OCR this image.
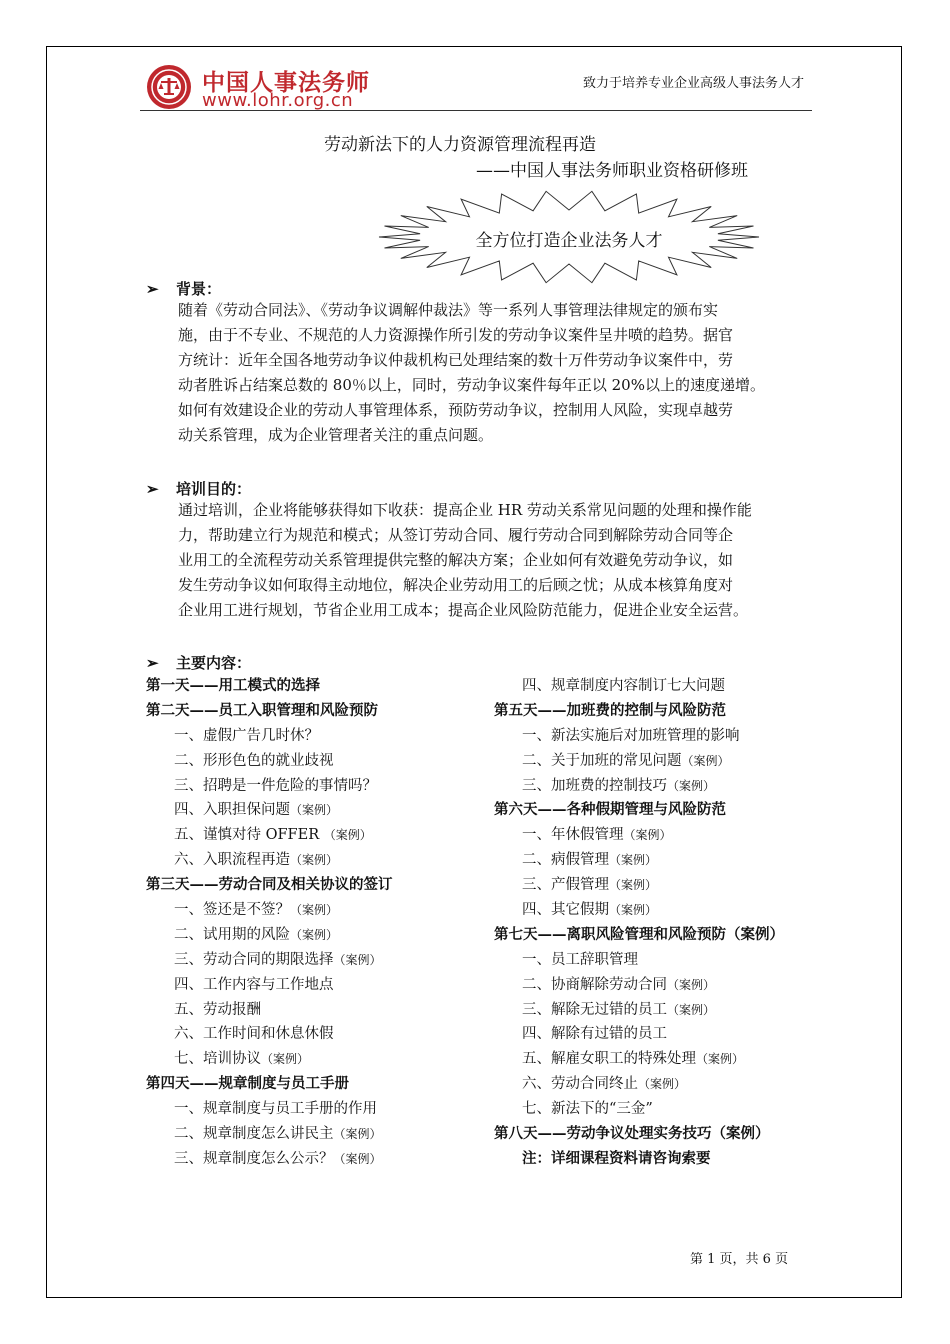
中国人事法务师
www.lohr.org.cn
致力于培养专业企业高级人事法务人才
劳动新法下的人力资源管理流程再造
——中国人事法务师职业资格研修班
全方位打造企业法务人才
➢ 背景：

随着《劳动合同法》、《劳动争议调解仲裁法》等一系列人事管理法律规定的颁布实

施，由于不专业、不规范的人力资源操作所引发的劳动争议案件呈井喷的趋势。据官

方统计：近年全国各地劳动争议仲裁机构已处理结案的数十万件劳动争议案件中，劳

动者胜诉占结案总数的 80％以上，同时，劳动争议案件每年正以 20%以上的速度递增。

如何有效建设企业的劳动人事管理体系，预防劳动争议，控制用人风险，实现卓越劳

动关系管理，成为企业管理者关注的重点问题。

➢ 培训目的：

通过培训，企业将能够获得如下收获：提高企业 HR 劳动关系常见问题的处理和操作能

力，帮助建立行为规范和模式；从签订劳动合同、履行劳动合同到解除劳动合同等企

业用工的全流程劳动关系管理提供完整的解决方案；企业如何有效避免劳动争议，如

发生劳动争议如何取得主动地位，解决企业劳动用工的后顾之忧；从成本核算角度对

企业用工进行规划，节省企业用工成本；提高企业风险防范能力，促进企业安全运营。

➢ 主要内容：
第一天——用工模式的选择
第二天——员工入职管理和风险预防
一、虚假广告几时休？
二、形形色色的就业歧视
三、招聘是一件危险的事情吗？
四、入职担保问题（案例）
五、谨慎对待 OFFER （案例）
六、入职流程再造（案例）
第三天——劳动合同及相关协议的签订
一、签还是不签？（案例）
二、试用期的风险（案例）
三、劳动合同的期限选择（案例）
四、工作内容与工作地点
五、劳动报酬
六、工作时间和休息休假
七、培训协议（案例）
第四天——规章制度与员工手册
一、规章制度与员工手册的作用
二、规章制度怎么讲民主（案例）
三、规章制度怎么公示？（案例）
四、规章制度内容制订七大问题
第五天——加班费的控制与风险防范
一、新法实施后对加班管理的影响
二、关于加班的常见问题（案例）
三、加班费的控制技巧（案例）
第六天——各种假期管理与风险防范
一、年休假管理（案例）
二、病假管理（案例）
三、产假管理（案例）
四、其它假期（案例）
第七天——离职风险管理和风险预防（案例）
一、员工辞职管理
二、协商解除劳动合同（案例）
三、解除无过错的员工（案例）
四、解除有过错的员工
五、解雇女职工的特殊处理（案例）
六、劳动合同终止（案例）
七、新法下的“三金”
第八天——劳动争议处理实务技巧（案例）
注：详细课程资料请咨询索要
第 1 页，共 6 页
